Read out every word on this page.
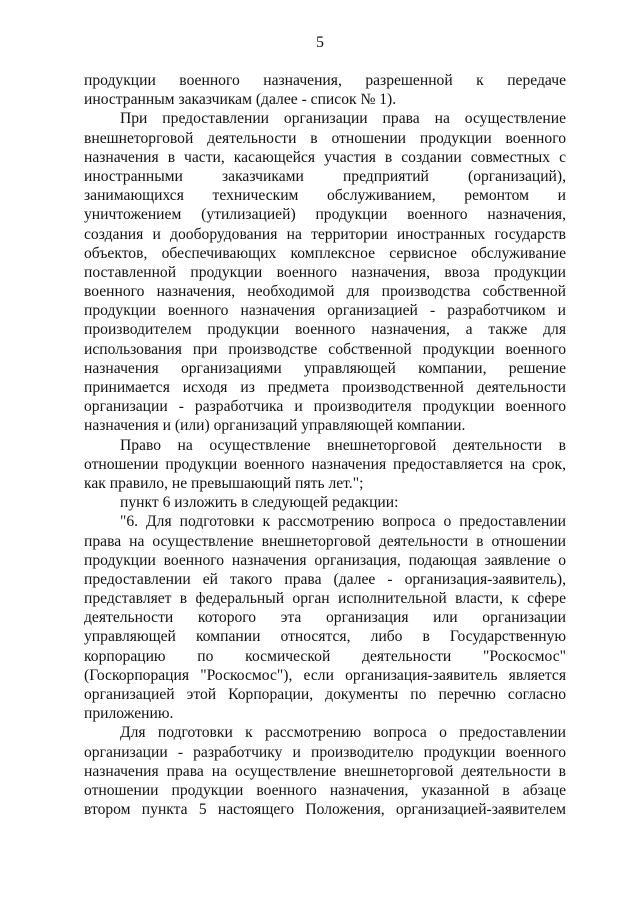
5
продукции военного назначения, разрешенной к передаче
иностранным заказчикам (далее - список № 1).
При предоставлении организации права на осуществление
внешнеторговой деятельности в отношении продукции военного
назначения в части, касающейся участия в создании совместных с
иностранными заказчиками предприятий (организаций),
занимающихся техническим обслуживанием, ремонтом и
уничтожением (утилизацией) продукции военного назначения,
создания и дооборудования на территории иностранных государств
объектов, обеспечивающих комплексное сервисное обслуживание
поставленной продукции военного назначения, ввоза продукции
военного назначения, необходимой для производства собственной
продукции военного назначения организацией - разработчиком и
производителем продукции военного назначения, а также для
использования при производстве собственной продукции военного
назначения организациями управляющей компании, решение
принимается исходя из предмета производственной деятельности
организации - разработчика и производителя продукции военного
назначения и (или) организаций управляющей компании.
Право на осуществление внешнеторговой деятельности в
отношении продукции военного назначения предоставляется на срок,
как правило, не превышающий пять лет.";
пункт 6 изложить в следующей редакции:
"6. Для подготовки к рассмотрению вопроса о предоставлении
права на осуществление внешнеторговой деятельности в отношении
продукции военного назначения организация, подающая заявление о
предоставлении ей такого права (далее - организация-заявитель),
представляет в федеральный орган исполнительной власти, к сфере
деятельности которого эта организация или организации
управляющей компании относятся, либо в Государственную
корпорацию по космической деятельности "Роскосмос"
(Госкорпорация "Роскосмос"), если организация-заявитель является
организацией этой Корпорации, документы по перечню согласно
приложению.
Для подготовки к рассмотрению вопроса о предоставлении
организации - разработчику и производителю продукции военного
назначения права на осуществление внешнеторговой деятельности в
отношении продукции военного назначения, указанной в абзаце
втором пункта 5 настоящего Положения, организацией-заявителем
